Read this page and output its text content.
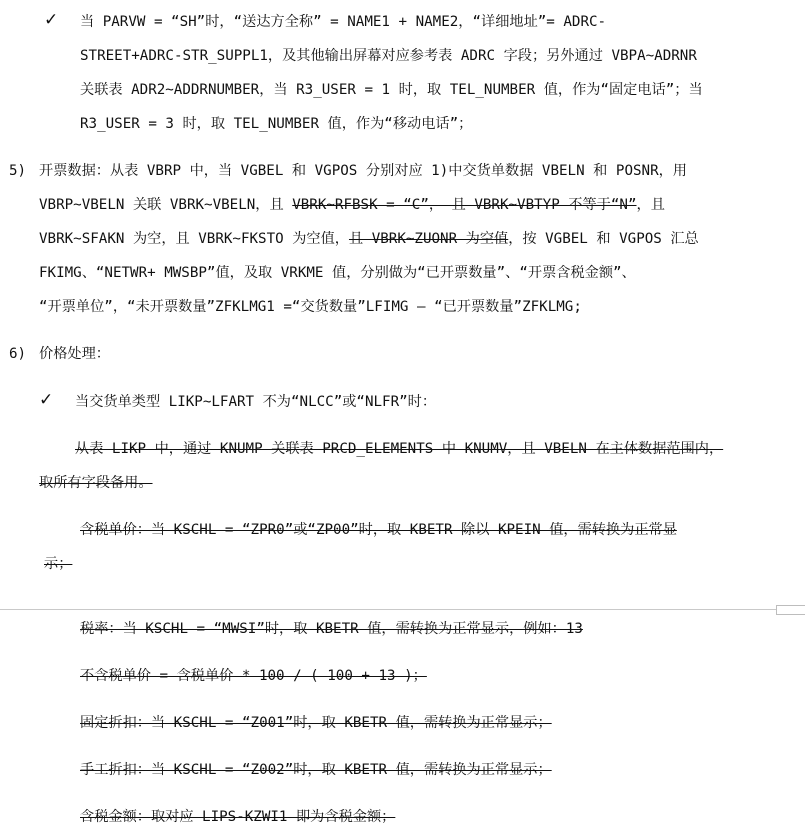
✓ 当 PARVW = “SH”时，“送达方全称” = NAME1 + NAME2，“详细地址”= ADRC-
STREET+ADRC-STR_SUPPL1，及其他输出屏幕对应参考表 ADRC 字段；另外通过 VBPA~ADRNR
关联表 ADR2~ADDRNUMBER，当 R3_USER = 1 时，取 TEL_NUMBER 值，作为“固定电话”；当
R3_USER = 3 时，取 TEL_NUMBER 值，作为“移动电话”；
5) 开票数据：从表 VBRP 中，当 VGBEL 和 VGPOS 分别对应 1)中交货单数据 VBELN 和 POSNR，用
VBRP~VBELN 关联 VBRK~VBELN，且 VBRK~RFBSK = “C”， 且 VBRK~VBTYP 不等于“N”，且
VBRK~SFAKN 为空，且 VBRK~FKSTO 为空值，且 VBRK~ZUONR 为空值，按 VGBEL 和 VGPOS 汇总
FKIMG、“NETWR+ MWSBP”值，及取 VRKME 值，分别做为“已开票数量”、“开票含税金额”、
“开票单位”，“未开票数量”ZFKLMG1 =“交货数量”LFIMG – “已开票数量”ZFKLMG;
6) 价格处理：
✓ 当交货单类型 LIKP~LFART 不为“NLCC”或“NLFR”时：
从表 LIKP 中，通过 KNUMP 关联表 PRCD_ELEMENTS 中 KNUMV，且 VBELN 在主体数据范围内，
取所有字段备用。
含税单价：当 KSCHL = “ZPR0”或“ZP00”时，取 KBETR 除以 KPEIN 值，需转换为正常显
示；
税率：当 KSCHL = “MWSI”时，取 KBETR 值，需转换为正常显示，例如：13
不含税单价 = 含税单价 * 100 / ( 100 + 13 )；
固定折扣：当 KSCHL = “Z001”时，取 KBETR 值，需转换为正常显示；
手工折扣：当 KSCHL = “Z002”时，取 KBETR 值，需转换为正常显示；
含税金额：取对应 LIPS-KZWI1 即为含税金额；
